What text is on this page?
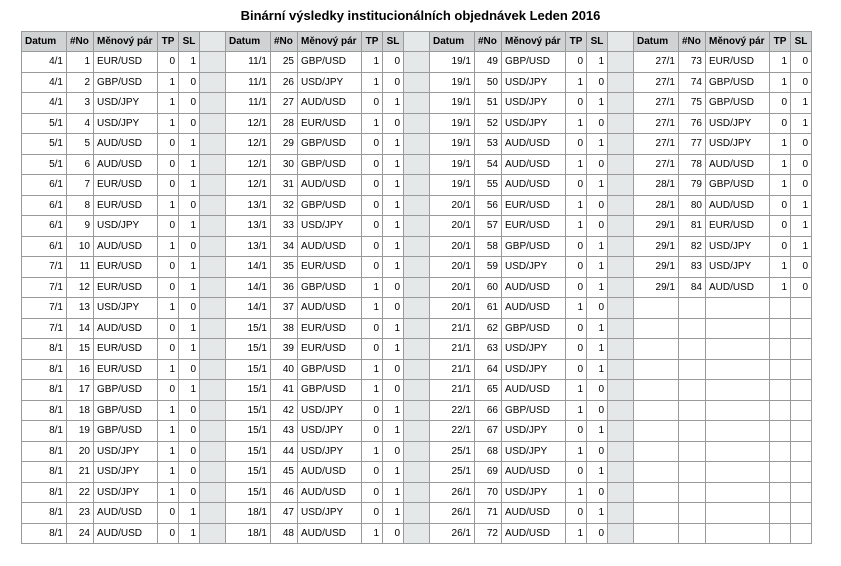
Binární výsledky institucionálních objednávek Leden 2016
Datum	#No	Měnový pár	TP	SL		Datum	#No	Měnový pár	TP	SL		Datum	#No	Měnový pár	TP	SL		Datum	#No	Měnový pár	TP	SL
4/1	1	EUR/USD	0	1		11/1	25	GBP/USD	1	0		19/1	49	GBP/USD	0	1		27/1	73	EUR/USD	1	0
4/1	2	GBP/USD	1	0		11/1	26	USD/JPY	1	0		19/1	50	USD/JPY	1	0		27/1	74	GBP/USD	1	0
4/1	3	USD/JPY	1	0		11/1	27	AUD/USD	0	1		19/1	51	USD/JPY	0	1		27/1	75	GBP/USD	0	1
5/1	4	USD/JPY	1	0		12/1	28	EUR/USD	1	0		19/1	52	USD/JPY	1	0		27/1	76	USD/JPY	0	1
5/1	5	AUD/USD	0	1		12/1	29	GBP/USD	0	1		19/1	53	AUD/USD	0	1		27/1	77	USD/JPY	1	0
5/1	6	AUD/USD	0	1		12/1	30	GBP/USD	0	1		19/1	54	AUD/USD	1	0		27/1	78	AUD/USD	1	0
6/1	7	EUR/USD	0	1		12/1	31	AUD/USD	0	1		19/1	55	AUD/USD	0	1		28/1	79	GBP/USD	1	0
6/1	8	EUR/USD	1	0		13/1	32	GBP/USD	0	1		20/1	56	EUR/USD	1	0		28/1	80	AUD/USD	0	1
6/1	9	USD/JPY	0	1		13/1	33	USD/JPY	0	1		20/1	57	EUR/USD	1	0		29/1	81	EUR/USD	0	1
6/1	10	AUD/USD	1	0		13/1	34	AUD/USD	0	1		20/1	58	GBP/USD	0	1		29/1	82	USD/JPY	0	1
7/1	11	EUR/USD	0	1		14/1	35	EUR/USD	0	1		20/1	59	USD/JPY	0	1		29/1	83	USD/JPY	1	0
7/1	12	EUR/USD	0	1		14/1	36	GBP/USD	1	0		20/1	60	AUD/USD	0	1		29/1	84	AUD/USD	1	0
7/1	13	USD/JPY	1	0		14/1	37	AUD/USD	1	0		20/1	61	AUD/USD	1	0						
7/1	14	AUD/USD	0	1		15/1	38	EUR/USD	0	1		21/1	62	GBP/USD	0	1						
8/1	15	EUR/USD	0	1		15/1	39	EUR/USD	0	1		21/1	63	USD/JPY	0	1						
8/1	16	EUR/USD	1	0		15/1	40	GBP/USD	1	0		21/1	64	USD/JPY	0	1						
8/1	17	GBP/USD	0	1		15/1	41	GBP/USD	1	0		21/1	65	AUD/USD	1	0						
8/1	18	GBP/USD	1	0		15/1	42	USD/JPY	0	1		22/1	66	GBP/USD	1	0						
8/1	19	GBP/USD	1	0		15/1	43	USD/JPY	0	1		22/1	67	USD/JPY	0	1						
8/1	20	USD/JPY	1	0		15/1	44	USD/JPY	1	0		25/1	68	USD/JPY	1	0						
8/1	21	USD/JPY	1	0		15/1	45	AUD/USD	0	1		25/1	69	AUD/USD	0	1						
8/1	22	USD/JPY	1	0		15/1	46	AUD/USD	0	1		26/1	70	USD/JPY	1	0						
8/1	23	AUD/USD	0	1		18/1	47	USD/JPY	0	1		26/1	71	AUD/USD	0	1						
8/1	24	AUD/USD	0	1		18/1	48	AUD/USD	1	0		26/1	72	AUD/USD	1	0						
